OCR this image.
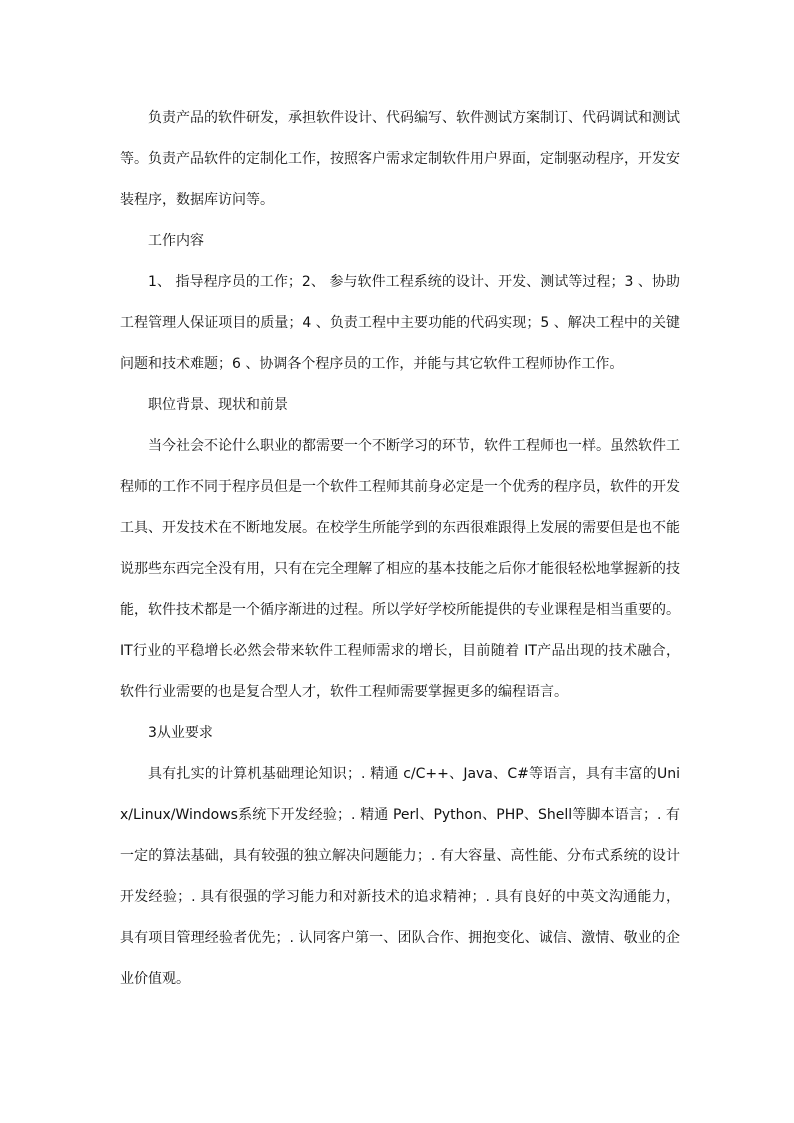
负责产品的软件研发，承担软件设计、代码编写、软件测试方案制订、代码调试和测试等。负责产品软件的定制化工作，按照客户需求定制软件用户界面，定制驱动程序，开发安装程序，数据库访问等。

工作内容

1、 指导程序员的工作；2、 参与软件工程系统的设计、开发、测试等过程；3 、协助工程管理人保证项目的质量；4 、负责工程中主要功能的代码实现；5 、解决工程中的关键问题和技术难题；6 、协调各个程序员的工作，并能与其它软件工程师协作工作。

职位背景、现状和前景

当今社会不论什么职业的都需要一个不断学习的环节，软件工程师也一样。虽然软件工程师的工作不同于程序员但是一个软件工程师其前身必定是一个优秀的程序员，软件的开发工具、开发技术在不断地发展。在校学生所能学到的东西很难跟得上发展的需要但是也不能说那些东西完全没有用，只有在完全理解了相应的基本技能之后你才能很轻松地掌握新的技能，软件技术都是一个循序渐进的过程。所以学好学校所能提供的专业课程是相当重要的。IT行业的平稳增长必然会带来软件工程师需求的增长，目前随着 IT产品出现的技术融合，软件行业需要的也是复合型人才，软件工程师需要掌握更多的编程语言。

3从业要求

具有扎实的计算机基础理论知识；. 精通 c/C++、Java、C#等语言，具有丰富的Unix/Linux/Windows系统下开发经验；. 精通 Perl、Python、PHP、Shell等脚本语言；. 有一定的算法基础，具有较强的独立解决问题能力；. 有大容量、高性能、分布式系统的设计开发经验；. 具有很强的学习能力和对新技术的追求精神；. 具有良好的中英文沟通能力，具有项目管理经验者优先；. 认同客户第一、团队合作、拥抱变化、诚信、激情、敬业的企业价值观。
